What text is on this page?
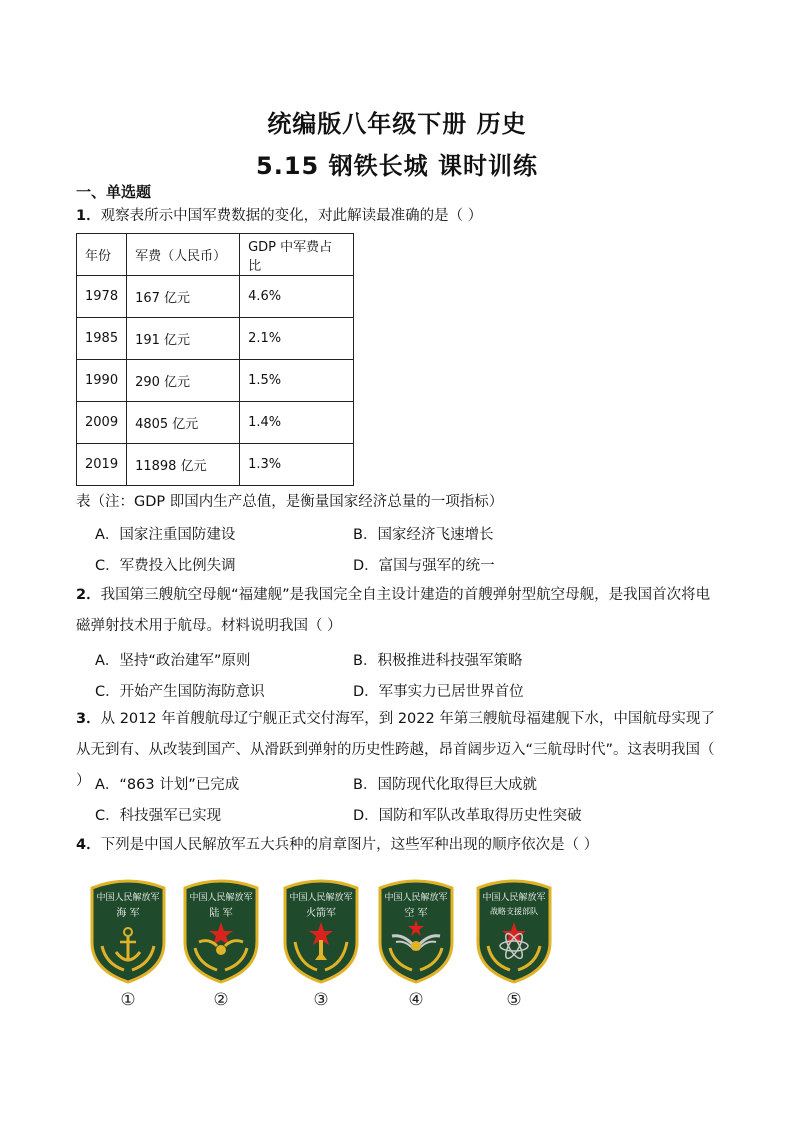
统编版八年级下册 历史
5.15 钢铁长城 课时训练
一、单选题
1．观察表所示中国军费数据的变化，对此解读最准确的是（ ）
年份	军费（人民币）	GDP 中军费占比
1978	167 亿元	4.6%
1985	191 亿元	2.1%
1990	290 亿元	1.5%
2009	4805 亿元	1.4%
2019	11898 亿元	1.3%
表（注：GDP 即国内生产总值，是衡量国家经济总量的一项指标）
A．国家注重国防建设	B．国家经济飞速增长
C．军费投入比例失调	D．富国与强军的统一
2．我国第三艘航空母舰“福建舰”是我国完全自主设计建造的首艘弹射型航空母舰，是我国首次将电磁弹射技术用于航母。材料说明我国（ ）
A．坚持“政治建军”原则	B．积极推进科技强军策略
C．开始产生国防海防意识	D．军事实力已居世界首位
3．从 2012 年首艘航母辽宁舰正式交付海军，到 2022 年第三艘航母福建舰下水，中国航母实现了从无到有、从改装到国产、从滑跃到弹射的历史性跨越，昂首阔步迈入“三航母时代”。这表明我国（ ） A．“863 计划”已完成	B．国防现代化取得巨大成就
C．科技强军已实现	D．国防和军队改革取得历史性突破
4．下列是中国人民解放军五大兵种的肩章图片，这些军种出现的顺序依次是（ ）
中国人民解放军
海 军
①
中国人民解放军
陆 军
②
中国人民解放军
火箭军
③
中国人民解放军
空 军
④
中国人民解放军
战略支援部队
⑤
